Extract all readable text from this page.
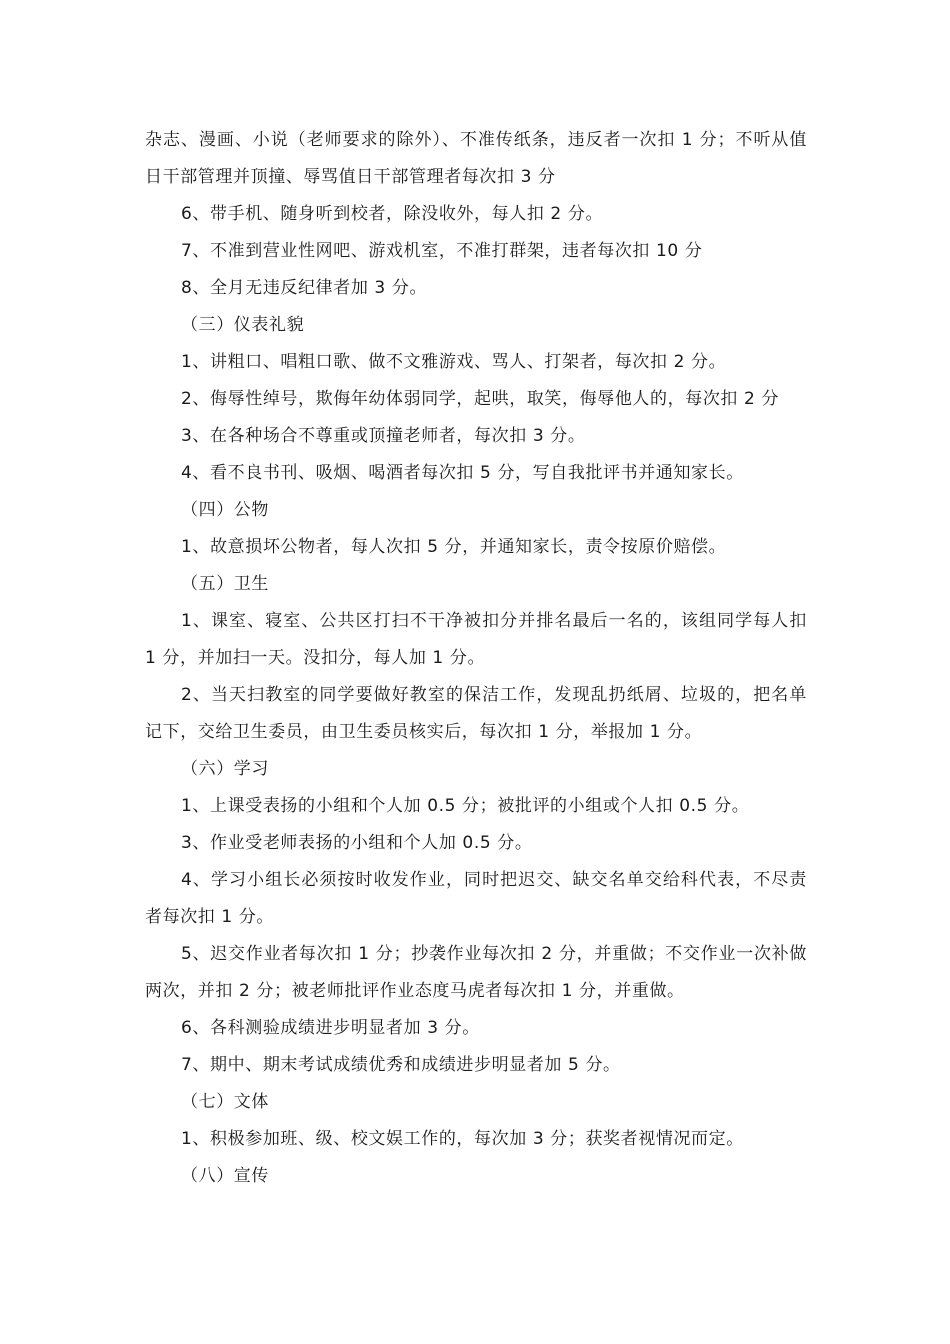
杂志、漫画、小说（老师要求的除外）、不准传纸条，违反者一次扣 1 分；不听从值日干部管理并顶撞、辱骂值日干部管理者每次扣 3 分

6、带手机、随身听到校者，除没收外，每人扣 2 分。

7、不准到营业性网吧、游戏机室，不准打群架，违者每次扣 10 分

8、全月无违反纪律者加 3 分。

（三）仪表礼貌

1、讲粗口、唱粗口歌、做不文雅游戏、骂人、打架者，每次扣 2 分。

2、侮辱性绰号，欺侮年幼体弱同学，起哄，取笑，侮辱他人的，每次扣 2 分

3、在各种场合不尊重或顶撞老师者，每次扣 3 分。

4、看不良书刊、吸烟、喝酒者每次扣 5 分，写自我批评书并通知家长。

（四）公物

1、故意损坏公物者，每人次扣 5 分，并通知家长，责令按原价赔偿。

（五）卫生

1、课室、寝室、公共区打扫不干净被扣分并排名最后一名的，该组同学每人扣 1 分，并加扫一天。没扣分，每人加 1 分。

2、当天扫教室的同学要做好教室的保洁工作，发现乱扔纸屑、垃圾的，把名单记下，交给卫生委员，由卫生委员核实后，每次扣 1 分，举报加 1 分。

（六）学习

1、上课受表扬的小组和个人加 0.5 分；被批评的小组或个人扣 0.5 分。

3、作业受老师表扬的小组和个人加 0.5 分。

4、学习小组长必须按时收发作业，同时把迟交、缺交名单交给科代表，不尽责者每次扣 1 分。

5、迟交作业者每次扣 1 分；抄袭作业每次扣 2 分，并重做；不交作业一次补做两次，并扣 2 分；被老师批评作业态度马虎者每次扣 1 分，并重做。

6、各科测验成绩进步明显者加 3 分。

7、期中、期末考试成绩优秀和成绩进步明显者加 5 分。

（七）文体

1、积极参加班、级、校文娱工作的，每次加 3 分；获奖者视情况而定。

（八）宣传
